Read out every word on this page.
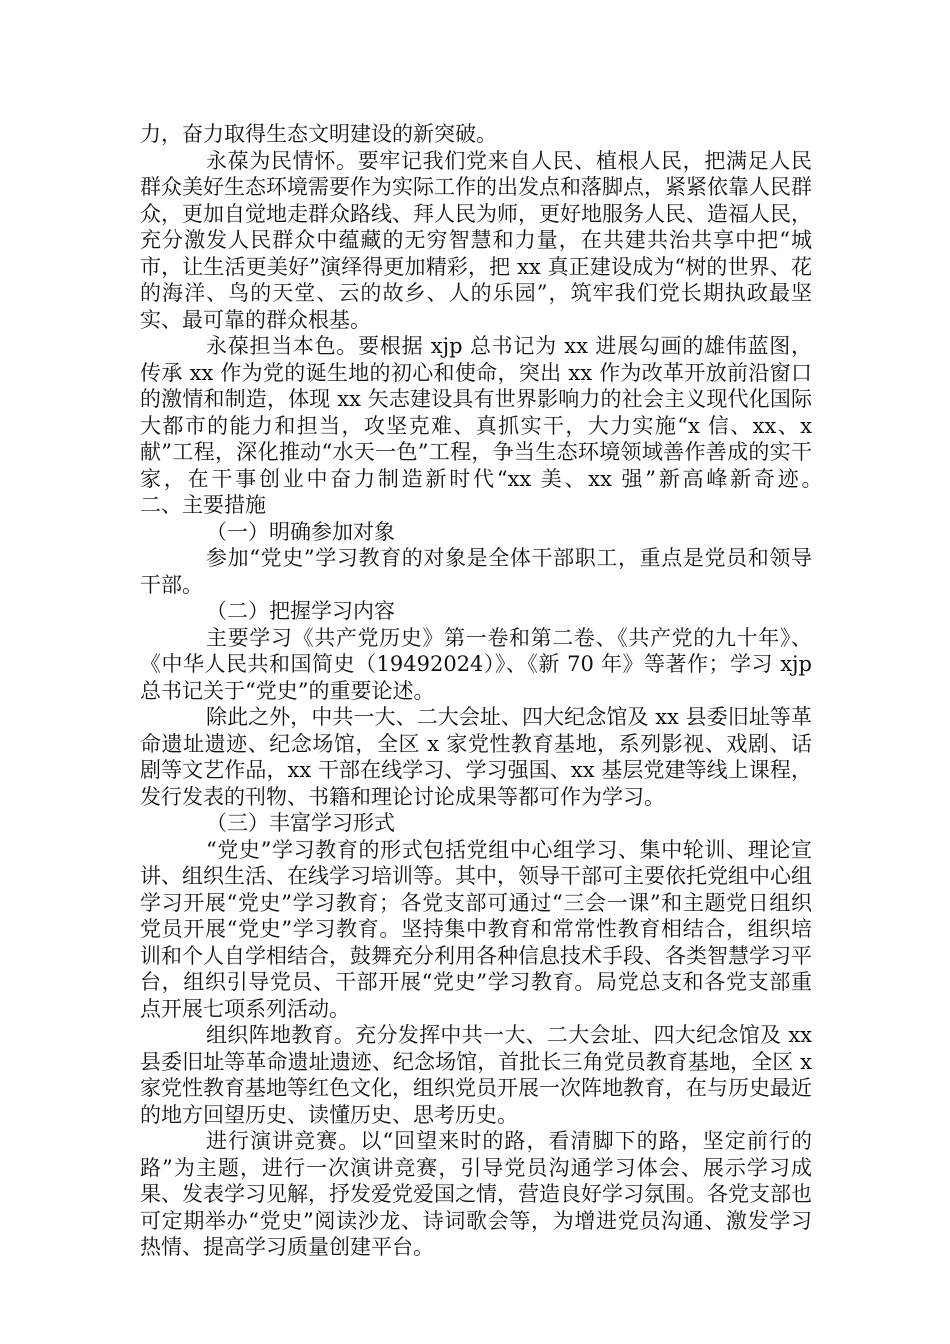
力，奋力取得生态文明建设的新突破。

永葆为民情怀。要牢记我们党来自人民、植根人民，把满足人民群众美好生态环境需要作为实际工作的出发点和落脚点，紧紧依靠人民群众，更加自觉地走群众路线、拜人民为师，更好地服务人民、造福人民，充分激发人民群众中蕴藏的无穷智慧和力量，在共建共治共享中把“城市，让生活更美好”演绎得更加精彩，把 xx 真正建设成为“树的世界、花的海洋、鸟的天堂、云的故乡、人的乐园”，筑牢我们党长期执政最坚实、最可靠的群众根基。

永葆担当本色。要根据 xjp 总书记为 xx 进展勾画的雄伟蓝图，传承 xx 作为党的诞生地的初心和使命，突出 xx 作为改革开放前沿窗口的激情和制造，体现 xx 矢志建设具有世界影响力的社会主义现代化国际大都市的能力和担当，攻坚克难、真抓实干，大力实施“x 信、xx、x 献”工程，深化推动“水天一色”工程，争当生态环境领域善作善成的实干家，在干事创业中奋力制造新时代“xx 美、xx 强”新高峰新奇迹。　　二、主要措施

（一）明确参加对象

参加“党史”学习教育的对象是全体干部职工，重点是党员和领导干部。

（二）把握学习内容

主要学习《共产党历史》第一卷和第二卷、《共产党的九十年》、《中华人民共和国简史（19492024）》、《新 70 年》等著作；学习 xjp 总书记关于“党史”的重要论述。

除此之外，中共一大、二大会址、四大纪念馆及 xx 县委旧址等革命遗址遗迹、纪念场馆，全区 x 家党性教育基地，系列影视、戏剧、话剧等文艺作品，xx 干部在线学习、学习强国、xx 基层党建等线上课程，发行发表的刊物、书籍和理论讨论成果等都可作为学习。

（三）丰富学习形式

“党史”学习教育的形式包括党组中心组学习、集中轮训、理论宣讲、组织生活、在线学习培训等。其中，领导干部可主要依托党组中心组学习开展“党史”学习教育；各党支部可通过“三会一课”和主题党日组织党员开展“党史”学习教育。坚持集中教育和常常性教育相结合，组织培训和个人自学相结合，鼓舞充分利用各种信息技术手段、各类智慧学习平台，组织引导党员、干部开展“党史”学习教育。局党总支和各党支部重点开展七项系列活动。

组织阵地教育。充分发挥中共一大、二大会址、四大纪念馆及 xx 县委旧址等革命遗址遗迹、纪念场馆，首批长三角党员教育基地，全区 x 家党性教育基地等红色文化，组织党员开展一次阵地教育，在与历史最近的地方回望历史、读懂历史、思考历史。

进行演讲竞赛。以“回望来时的路，看清脚下的路，坚定前行的路”为主题，进行一次演讲竞赛，引导党员沟通学习体会、展示学习成果、发表学习见解，抒发爱党爱国之情，营造良好学习氛围。各党支部也可定期举办“党史”阅读沙龙、诗词歌会等，为增进党员沟通、激发学习热情、提高学习质量创建平台。
